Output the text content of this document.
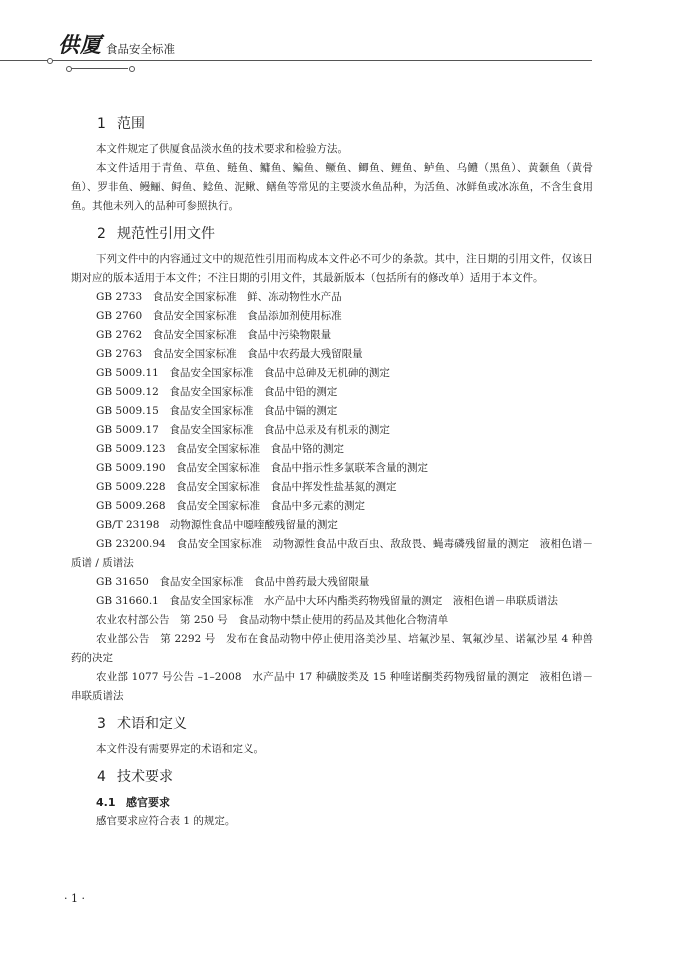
供厦 食品安全标准
1 范围

本文件规定了供厦食品淡水鱼的技术要求和检验方法。

本文件适用于青鱼、草鱼、鲢鱼、鳙鱼、鳊鱼、鳜鱼、鲫鱼、鲤鱼、鲈鱼、乌鳢（黑鱼）、黄颡鱼（黄骨鱼）、罗非鱼、鳗鲡、鲟鱼、鲶鱼、泥鳅、鳝鱼等常见的主要淡水鱼品种，为活鱼、冰鲜鱼或冰冻鱼，不含生食用鱼。其他未列入的品种可参照执行。

2 规范性引用文件

下列文件中的内容通过文中的规范性引用而构成本文件必不可少的条款。其中，注日期的引用文件，仅该日期对应的版本适用于本文件；不注日期的引用文件，其最新版本（包括所有的修改单）适用于本文件。

GB 2733　食品安全国家标准　鲜、冻动物性水产品

GB 2760　食品安全国家标准　食品添加剂使用标准

GB 2762　食品安全国家标准　食品中污染物限量

GB 2763　食品安全国家标准　食品中农药最大残留限量

GB 5009.11　食品安全国家标准　食品中总砷及无机砷的测定

GB 5009.12　食品安全国家标准　食品中铅的测定

GB 5009.15　食品安全国家标准　食品中镉的测定

GB 5009.17　食品安全国家标准　食品中总汞及有机汞的测定

GB 5009.123　食品安全国家标准　食品中铬的测定

GB 5009.190　食品安全国家标准　食品中指示性多氯联苯含量的测定

GB 5009.228　食品安全国家标准　食品中挥发性盐基氮的测定

GB 5009.268　食品安全国家标准　食品中多元素的测定

GB/T 23198　动物源性食品中噁喹酸残留量的测定

GB 23200.94　食品安全国家标准　动物源性食品中敌百虫、敌敌畏、蝇毒磷残留量的测定　液相色谱－质谱 / 质谱法

GB 31650　食品安全国家标准　食品中兽药最大残留限量

GB 31660.1　食品安全国家标准　水产品中大环内酯类药物残留量的测定　液相色谱－串联质谱法

农业农村部公告　第 250 号　食品动物中禁止使用的药品及其他化合物清单

农业部公告　第 2292 号　发布在食品动物中停止使用洛美沙星、培氟沙星、氧氟沙星、诺氟沙星 4 种兽药的决定

农业部 1077 号公告 –1–2008　水产品中 17 种磺胺类及 15 种喹诺酮类药物残留量的测定　液相色谱－串联质谱法

3 术语和定义

本文件没有需要界定的术语和定义。

4 技术要求
4.1 感官要求

感官要求应符合表 1 的规定。

· 1 ·
